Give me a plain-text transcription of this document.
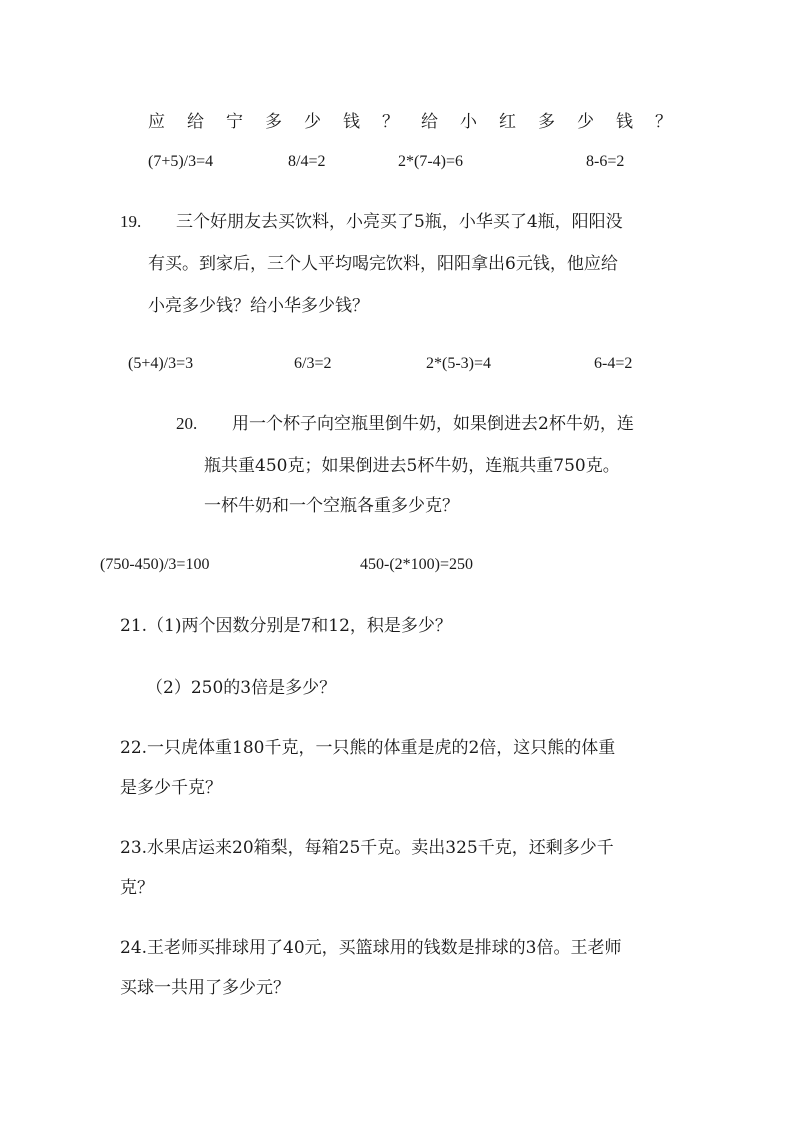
应给宁多少钱？给小红多少钱？
(7+5)/3=4	8/4=2	2*(7-4)=6	8-6=2
19. 三个好朋友去买饮料，小亮买了5瓶，小华买了4瓶，阳阳没
有买。到家后，三个人平均喝完饮料，阳阳拿出6元钱，他应给
小亮多少钱？给小华多少钱？
(5+4)/3=3	6/3=2	2*(5-3)=4	6-4=2
20. 用一个杯子向空瓶里倒牛奶，如果倒进去2杯牛奶，连
瓶共重450克；如果倒进去5杯牛奶，连瓶共重750克。
一杯牛奶和一个空瓶各重多少克？
(750-450)/3=100	450-(2*100)=250
21.（1)两个因数分别是7和12，积是多少？
（2）250的3倍是多少？
22.一只虎体重180千克，一只熊的体重是虎的2倍，这只熊的体重
是多少千克？
23.水果店运来20箱梨，每箱25千克。卖出325千克，还剩多少千
克？
24.王老师买排球用了40元，买篮球用的钱数是排球的3倍。王老师
买球一共用了多少元？
